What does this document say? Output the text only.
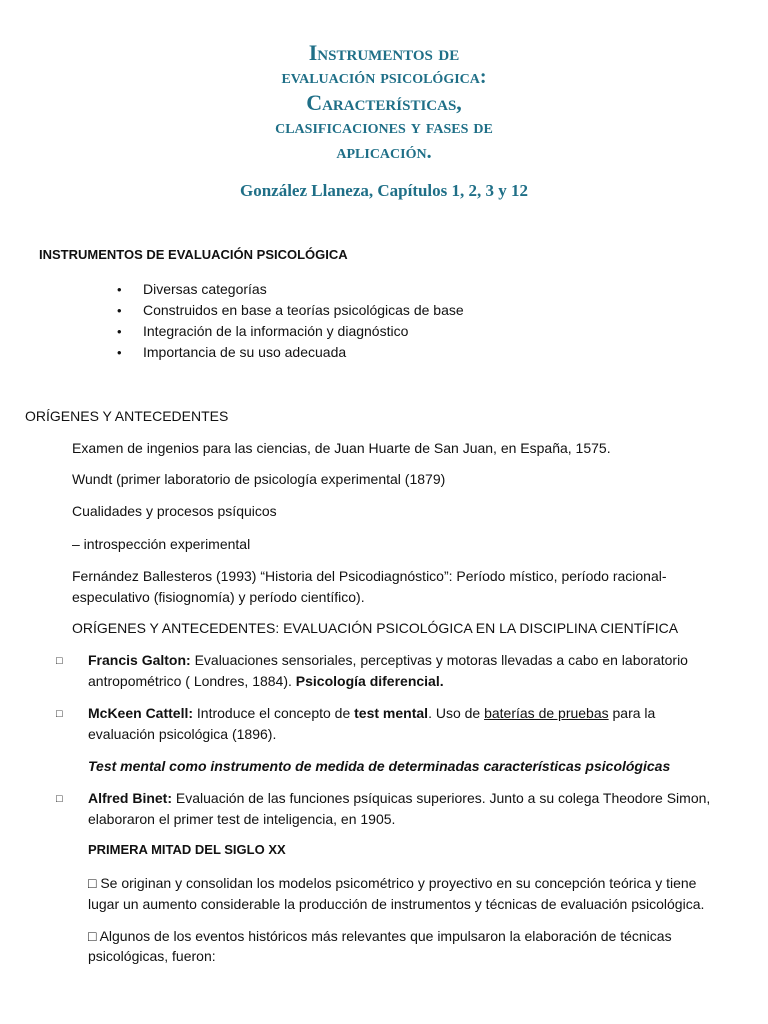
Instrumentos de
evaluación psicológica:
Características,
clasificaciones y fases de
aplicación.
González Llaneza, Capítulos 1, 2, 3 y 12
INSTRUMENTOS DE EVALUACIÓN PSICOLÓGICA
•	Diversas categorías
•	Construidos en base a teorías psicológicas de base
•	Integración de la información y diagnóstico
•	Importancia de su uso adecuada
ORÍGENES Y ANTECEDENTES
Examen de ingenios para las ciencias, de Juan Huarte de San Juan, en España, 1575.
Wundt (primer laboratorio de psicología experimental (1879)
Cualidades y procesos psíquicos
– introspección experimental
Fernández Ballesteros (1993) “Historia del Psicodiagnóstico”: Período místico, período racional-
especulativo (fisiognomía) y período científico).
ORÍGENES Y ANTECEDENTES: EVALUACIÓN PSICOLÓGICA EN LA DISCIPLINA CIENTÍFICA
□ Francis Galton: Evaluaciones sensoriales, perceptivas y motoras llevadas a cabo en laboratorio
antropométrico ( Londres, 1884). Psicología diferencial.
□ McKeen Cattell: Introduce el concepto de test mental. Uso de baterías de pruebas para la
evaluación psicológica (1896).
Test mental como instrumento de medida de determinadas características psicológicas
□ Alfred Binet: Evaluación de las funciones psíquicas superiores. Junto a su colega Theodore Simon,
elaboraron el primer test de inteligencia, en 1905.
PRIMERA MITAD DEL SIGLO XX
□ Se originan y consolidan los modelos psicométrico y proyectivo en su concepción teórica y tiene
lugar un aumento considerable la producción de instrumentos y técnicas de evaluación psicológica.
□ Algunos de los eventos históricos más relevantes que impulsaron la elaboración de técnicas
psicológicas, fueron:
